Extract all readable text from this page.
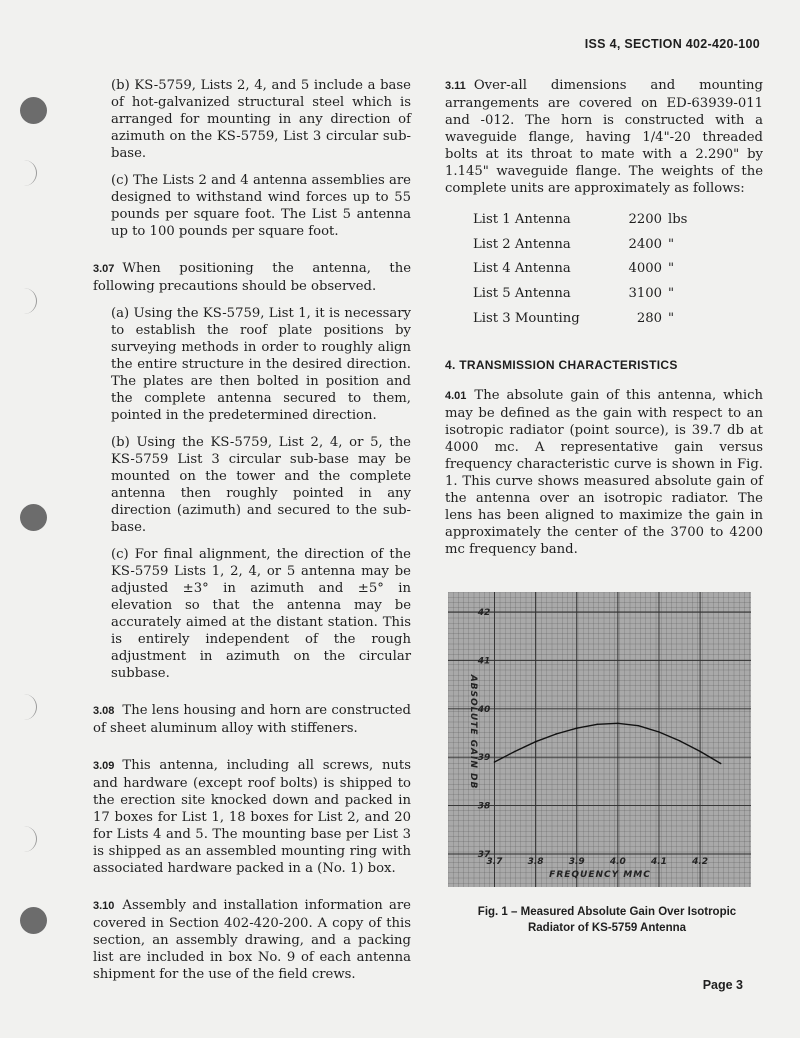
ISS 4, SECTION 402-420-100

(b) KS-5759, Lists 2, 4, and 5 include a base of hot-galvanized structural steel which is arranged for mounting in any direction of azimuth on the KS-5759, List 3 circular sub-base.

(c) The Lists 2 and 4 antenna assemblies are designed to withstand wind forces up to 55 pounds per square foot. The List 5 antenna up to 100 pounds per square foot.

3.07 When positioning the antenna, the following precautions should be observed.

(a) Using the KS-5759, List 1, it is necessary to establish the roof plate positions by surveying methods in order to roughly align the entire structure in the desired direction. The plates are then bolted in position and the complete antenna secured to them, pointed in the predetermined direction.

(b) Using the KS-5759, List 2, 4, or 5, the KS-5759 List 3 circular sub-base may be mounted on the tower and the complete antenna then roughly pointed in any direction (azimuth) and secured to the sub-base.

(c) For final alignment, the direction of the KS-5759 Lists 1, 2, 4, or 5 antenna may be adjusted ±3° in azimuth and ±5° in elevation so that the antenna may be accurately aimed at the distant station. This is entirely independent of the rough adjustment in azimuth on the circular subbase.

3.08 The lens housing and horn are constructed of sheet aluminum alloy with stiffeners.

3.09 This antenna, including all screws, nuts and hardware (except roof bolts) is shipped to the erection site knocked down and packed in 17 boxes for List 1, 18 boxes for List 2, and 20 for Lists 4 and 5. The mounting base per List 3 is shipped as an assembled mounting ring with associated hardware packed in a (No. 1) box.

3.10 Assembly and installation information are covered in Section 402-420-200. A copy of this section, an assembly drawing, and a packing list are included in box No. 9 of each antenna shipment for the use of the field crews.

3.11 Over-all dimensions and mounting arrangements are covered on ED-63939-011 and -012. The horn is constructed with a waveguide flange, having 1/4"-20 threaded bolts at its throat to mate with a 2.290" by 1.145" waveguide flange. The weights of the complete units are approximately as follows:

List 1 Antenna	2200	lbs
List 2 Antenna	2400	"
List 4 Antenna	4000	"
List 5 Antenna	3100	"
List 3 Mounting	280	"
4. TRANSMISSION CHARACTERISTICS

4.01 The absolute gain of this antenna, which may be defined as the gain with respect to an isotropic radiator (point source), is 39.7 db at 4000 mc. A representative gain versus frequency characteristic curve is shown in Fig. 1. This curve shows measured absolute gain of the antenna over an isotropic radiator. The lens has been aligned to maximize the gain in approximately the center of the 3700 to 4200 mc frequency band.

3.7	3.8	3.9	4.0	4.1	4.2
37
38
39
40
41
42
FREQUENCY MMC
ABSOLUTE GAIN DB
Fig. 1 – Measured Absolute Gain Over Isotropic
Radiator of KS-5759 Antenna
Page 3
